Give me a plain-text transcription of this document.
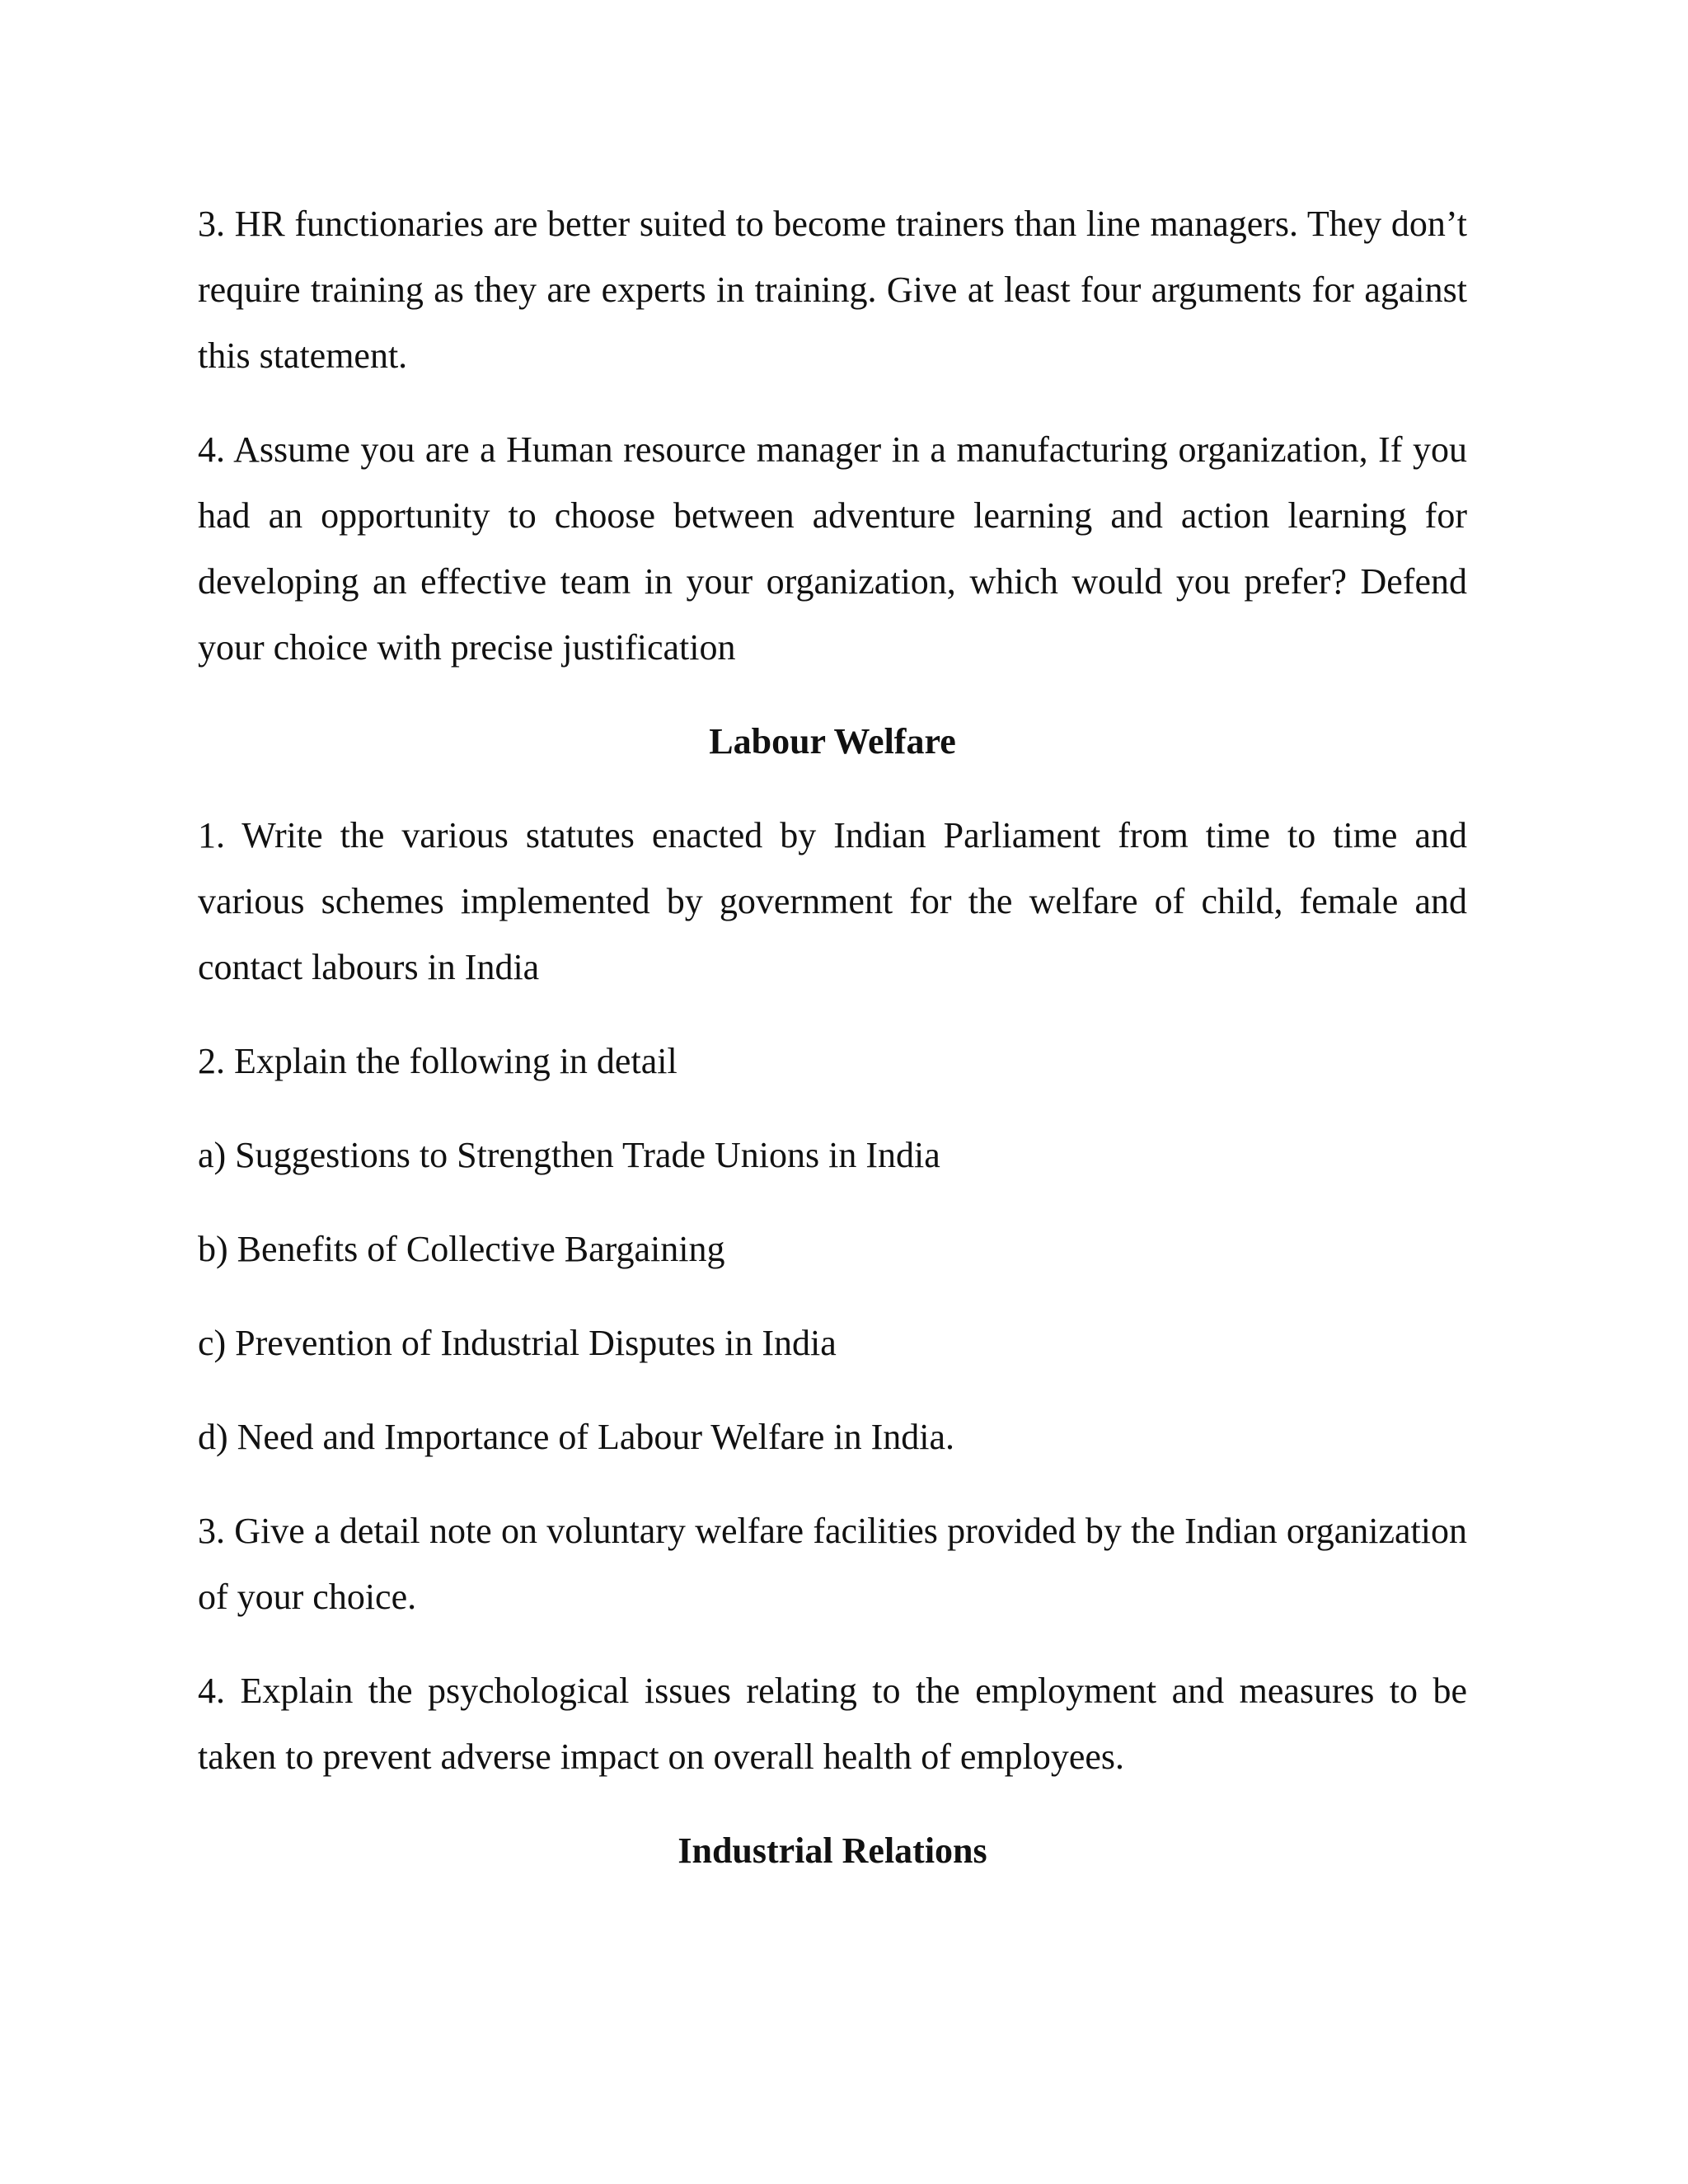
3. HR functionaries are better suited to become trainers than line managers. They don’t require training as they are experts in training. Give at least four arguments for against this statement.

4. Assume you are a Human resource manager in a manufacturing organization, If you had an opportunity to choose between adventure learning and action learning for developing an effective team in your organization, which would you prefer? Defend your choice with precise justification

Labour Welfare

1. Write the various statutes enacted by Indian Parliament from time to time and various schemes implemented by government for the welfare of child, female and contact labours in India

2. Explain the following in detail

a) Suggestions to Strengthen Trade Unions in India

b) Benefits of Collective Bargaining

c) Prevention of Industrial Disputes in India

d) Need and Importance of Labour Welfare in India.

3. Give a detail note on voluntary welfare facilities provided by the Indian organization of your choice.

4. Explain the psychological issues relating to the employment and measures to be taken to prevent adverse impact on overall health of employees.

Industrial Relations
